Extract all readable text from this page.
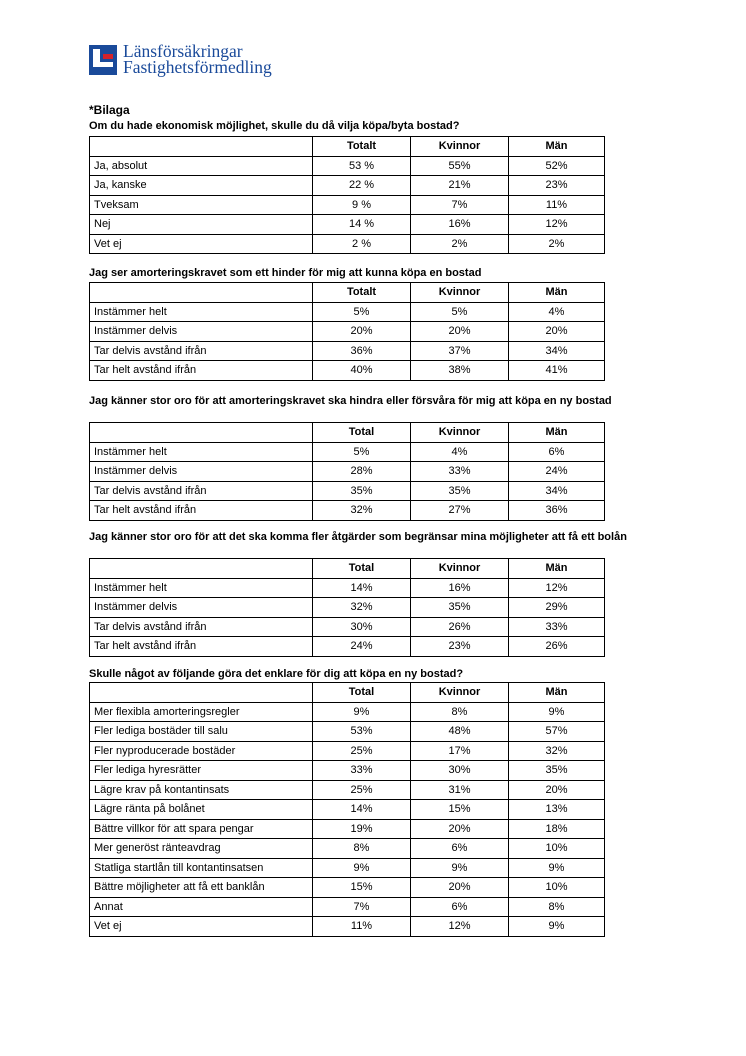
Länsförsäkringar
Fastighetsförmedling
*Bilaga
Om du hade ekonomisk möjlighet, skulle du då vilja köpa/byta bostad?
	Totalt	Kvinnor	Män
Ja, absolut	53 %	55%	52%
Ja, kanske	22 %	21%	23%
Tveksam	9 %	7%	11%
Nej	14 %	16%	12%
Vet ej	2 %	2%	2%
Jag ser amorteringskravet som ett hinder för mig att kunna köpa en bostad
	Totalt	Kvinnor	Män
Instämmer helt	5%	5%	4%
Instämmer delvis	20%	20%	20%
Tar delvis avstånd ifrån	36%	37%	34%
Tar helt avstånd ifrån	40%	38%	41%
Jag känner stor oro för att amorteringskravet ska hindra eller försvåra för mig att köpa en ny bostad
	Total	Kvinnor	Män
Instämmer helt	5%	4%	6%
Instämmer delvis	28%	33%	24%
Tar delvis avstånd ifrån	35%	35%	34%
Tar helt avstånd ifrån	32%	27%	36%
Jag känner stor oro för att det ska komma fler åtgärder som begränsar mina möjligheter att få ett bolån
	Total	Kvinnor	Män
Instämmer helt	14%	16%	12%
Instämmer delvis	32%	35%	29%
Tar delvis avstånd ifrån	30%	26%	33%
Tar helt avstånd ifrån	24%	23%	26%
Skulle något av följande göra det enklare för dig att köpa en ny bostad?
	Total	Kvinnor	Män
Mer flexibla amorteringsregler	9%	8%	9%
Fler lediga bostäder till salu	53%	48%	57%
Fler nyproducerade bostäder	25%	17%	32%
Fler lediga hyresrätter	33%	30%	35%
Lägre krav på kontantinsats	25%	31%	20%
Lägre ränta på bolånet	14%	15%	13%
Bättre villkor för att spara pengar	19%	20%	18%
Mer generöst ränteavdrag	8%	6%	10%
Statliga startlån till kontantinsatsen	9%	9%	9%
Bättre möjligheter att få ett banklån	15%	20%	10%
Annat	7%	6%	8%
Vet ej	11%	12%	9%
